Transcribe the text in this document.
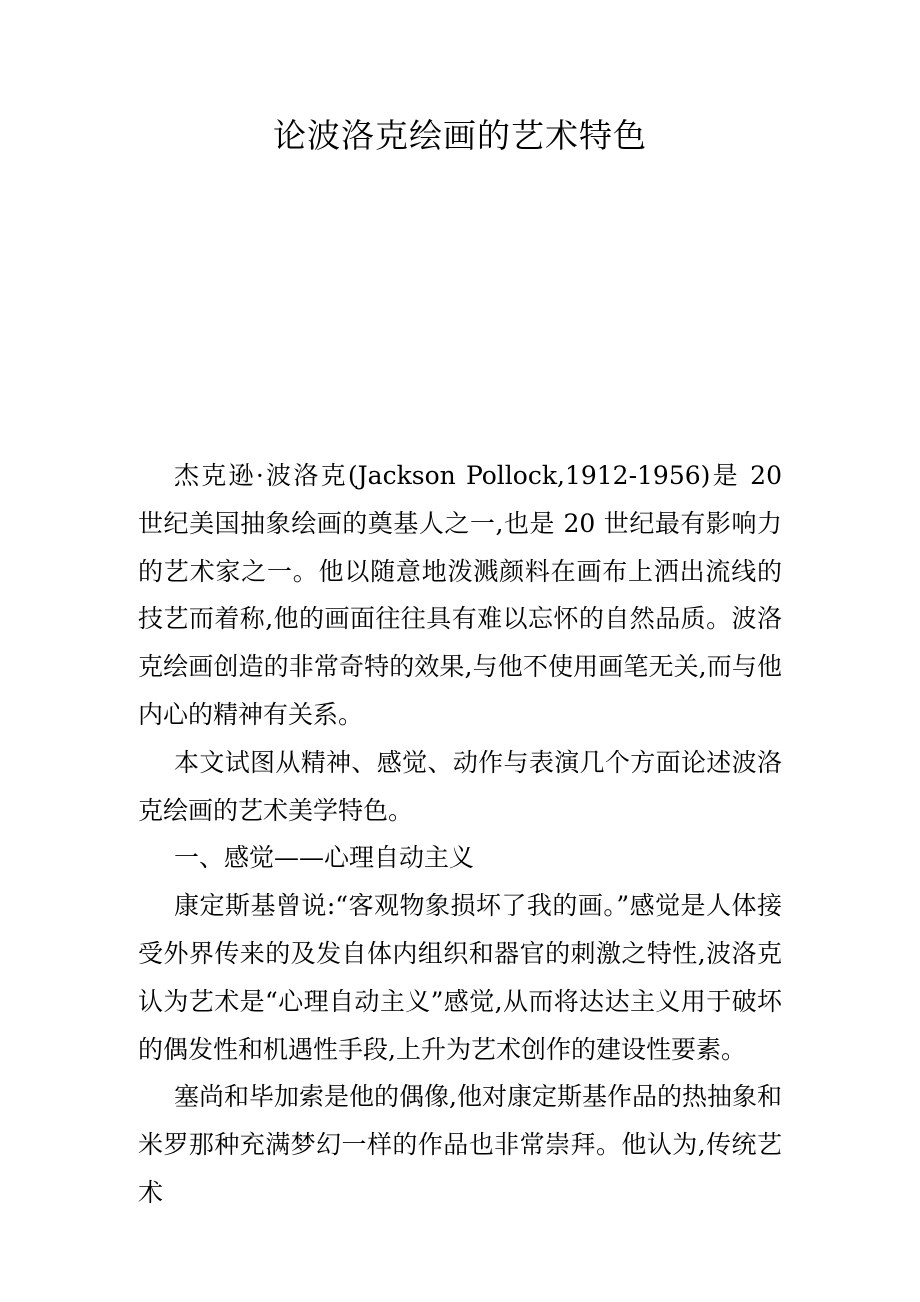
论波洛克绘画的艺术特色

杰克逊·波洛克(Jackson Pollock,1912-1956)是 20 世纪美国抽象绘画的奠基人之一,也是 20 世纪最有影响力的艺术家之一。他以随意地泼溅颜料在画布上洒出流线的技艺而着称,他的画面往往具有难以忘怀的自然品质。波洛克绘画创造的非常奇特的效果,与他不使用画笔无关,而与他内心的精神有关系。

本文试图从精神、感觉、动作与表演几个方面论述波洛克绘画的艺术美学特色。

一、感觉——心理自动主义

康定斯基曾说:“客观物象损坏了我的画。”感觉是人体接受外界传来的及发自体内组织和器官的刺激之特性,波洛克认为艺术是“心理自动主义”感觉,从而将达达主义用于破坏的偶发性和机遇性手段,上升为艺术创作的建设性要素。

塞尚和毕加索是他的偶像,他对康定斯基作品的热抽象和米罗那种充满梦幻一样的作品也非常崇拜。他认为,传统艺术
